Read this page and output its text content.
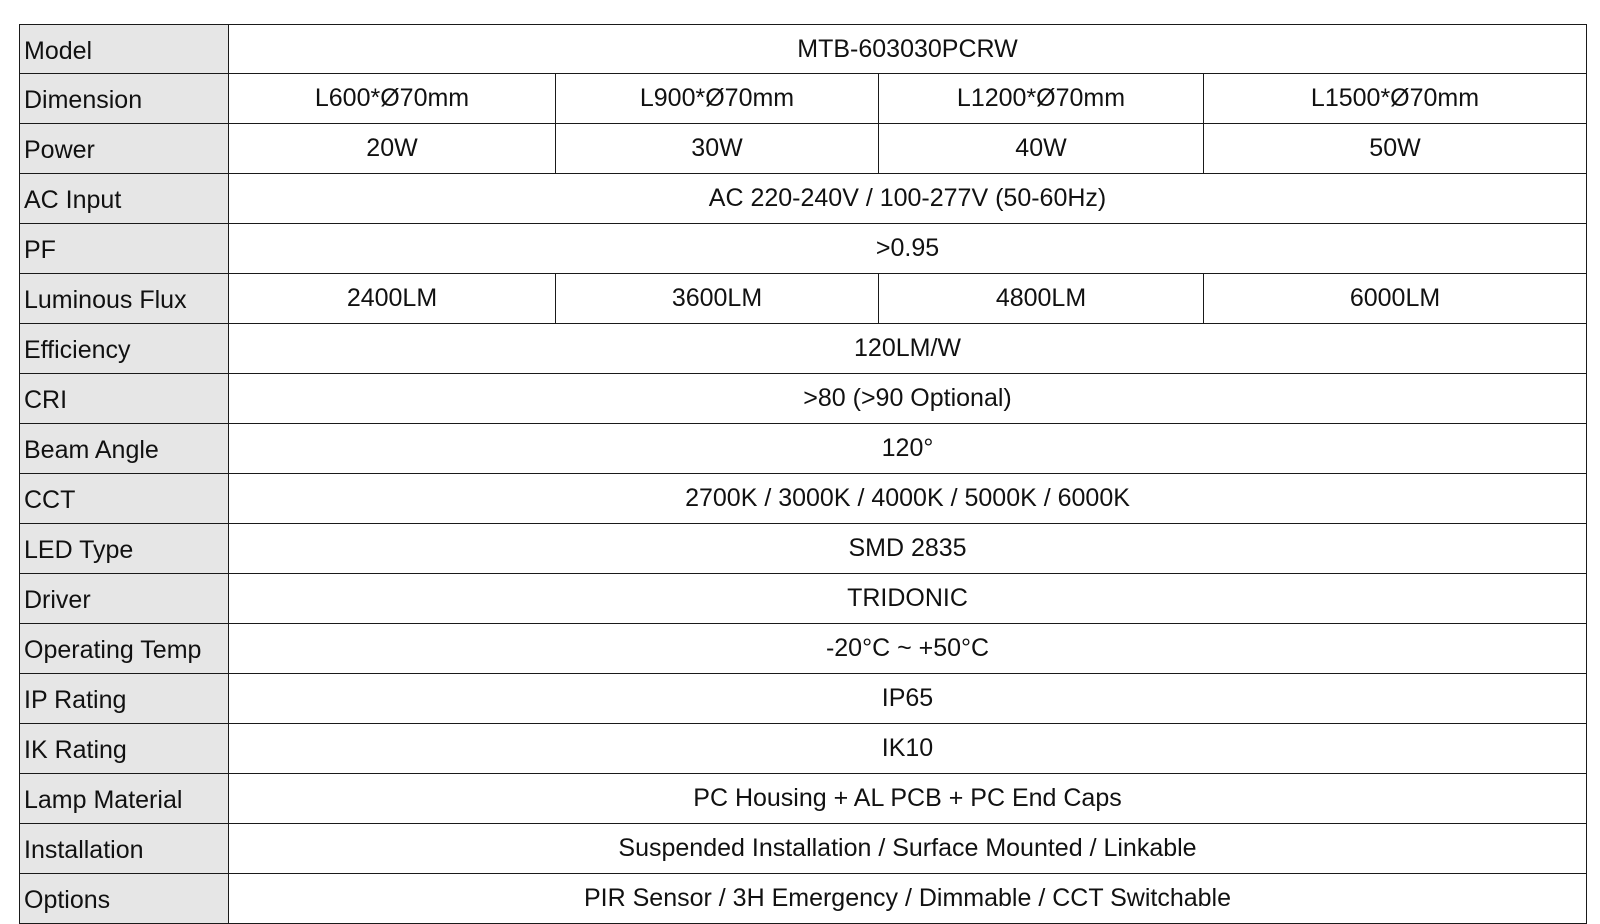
Model	MTB-603030PCRW			
Dimension	L600*Ø70mm	L900*Ø70mm	L1200*Ø70mm	L1500*Ø70mm
Power	20W	30W	40W	50W
AC Input	AC 220-240V / 100-277V (50-60Hz)			
PF	>0.95			
Luminous Flux	2400LM	3600LM	4800LM	6000LM
Efficiency	120LM/W			
CRI	>80 (>90 Optional)			
Beam Angle	120°			
CCT	2700K / 3000K / 4000K / 5000K / 6000K			
LED Type	SMD 2835			
Driver	TRIDONIC			
Operating Temp	-20°C ~ +50°C			
IP Rating	IP65			
IK Rating	IK10			
Lamp Material	PC Housing + AL PCB + PC End Caps			
Installation	Suspended Installation / Surface Mounted / Linkable			
Options	PIR Sensor / 3H Emergency / Dimmable / CCT Switchable			
